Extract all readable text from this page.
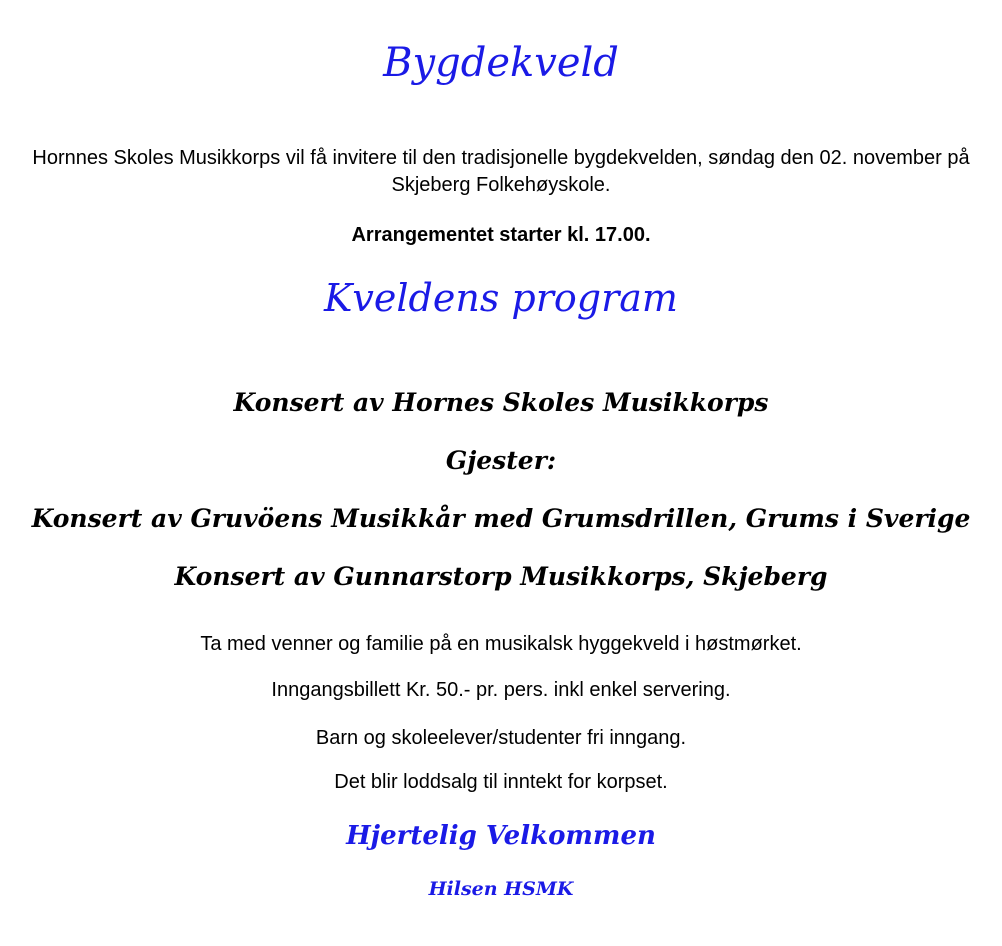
Bygdekveld
Hornnes Skoles Musikkorps vil få invitere til den tradisjonelle bygdekvelden, søndag den 02. november på Skjeberg Folkehøyskole.
Arrangementet starter kl. 17.00.
Kveldens program
Konsert av Hornes Skoles Musikkorps
Gjester:
Konsert av Gruvöens Musikkår med Grumsdrillen, Grums i Sverige
Konsert av Gunnarstorp Musikkorps, Skjeberg
Ta med venner og familie på en musikalsk hyggekveld i høstmørket.
Inngangsbillett Kr. 50.- pr. pers. inkl enkel servering.
Barn og skoleelever/studenter fri inngang.
Det blir loddsalg til inntekt for korpset.
Hjertelig Velkommen
Hilsen HSMK
